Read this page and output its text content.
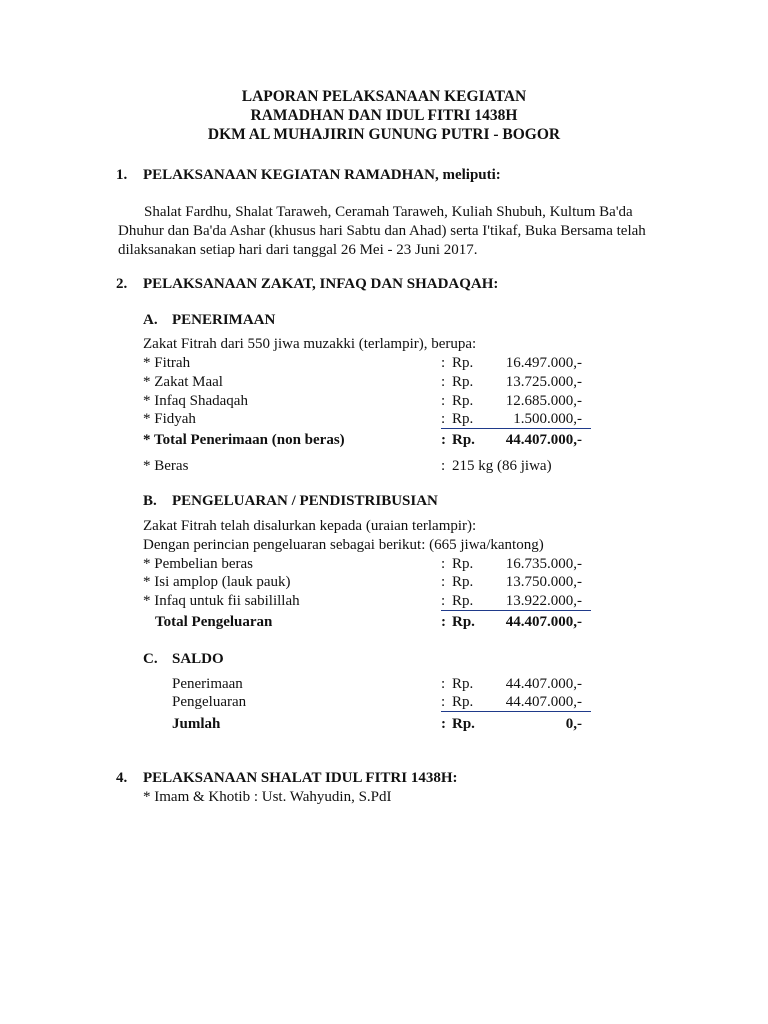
LAPORAN PELAKSANAAN KEGIATAN
RAMADHAN DAN IDUL FITRI 1438H
DKM AL MUHAJIRIN GUNUNG PUTRI - BOGOR
1. PELAKSANAAN KEGIATAN RAMADHAN, meliputi:
Shalat Fardhu, Shalat Taraweh, Ceramah Taraweh, Kuliah Shubuh, Kultum Ba'da Dhuhur dan Ba'da Ashar (khusus hari Sabtu dan Ahad) serta I'tikaf, Buka Bersama telah dilaksanakan setiap hari dari tanggal 26 Mei - 23 Juni 2017.
2. PELAKSANAAN ZAKAT, INFAQ DAN SHADAQAH:
A. PENERIMAAN
Zakat Fitrah dari 550 jiwa muzakki (terlampir), berupa:
* Fitrah	: Rp.	16.497.000,-
* Zakat Maal	: Rp.	13.725.000,-
* Infaq Shadaqah	: Rp.	12.685.000,-
* Fidyah	: Rp.	1.500.000,-
* Total Penerimaan (non beras)	: Rp.	44.407.000,-
* Beras	: 215 kg (86 jiwa)
B. PENGELUARAN / PENDISTRIBUSIAN
Zakat Fitrah telah disalurkan kepada (uraian terlampir):
Dengan perincian pengeluaran sebagai berikut: (665 jiwa/kantong)
* Pembelian beras	: Rp.	16.735.000,-
* Isi amplop (lauk pauk)	: Rp.	13.750.000,-
* Infaq untuk fii sabilillah	: Rp.	13.922.000,-
Total Pengeluaran	: Rp.	44.407.000,-
C. SALDO
Penerimaan	: Rp.	44.407.000,-
Pengeluaran	: Rp.	44.407.000,-
Jumlah	: Rp.	0,-
4. PELAKSANAAN SHALAT IDUL FITRI 1438H:
* Imam & Khotib : Ust. Wahyudin, S.PdI
